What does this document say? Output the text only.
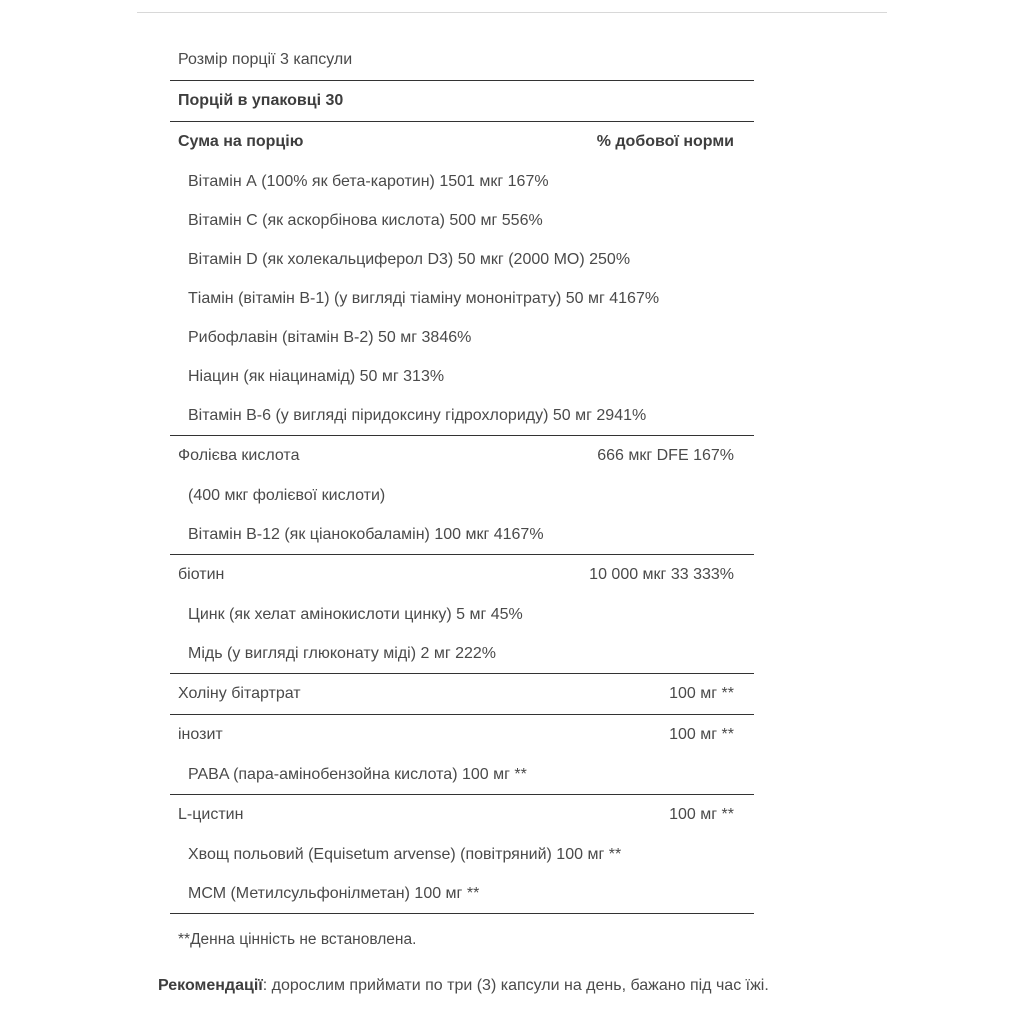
Розмір порції 3 капсули
Порцій в упаковці 30
Сума на порцію	% добової норми
Вітамін А (100% як бета-каротин) 1501 мкг 167%
Вітамін C (як аскорбінова кислота) 500 мг 556%
Вітамін D (як холекальциферол D3) 50 мкг (2000 МО) 250%
Тіамін (вітамін B-1) (у вигляді тіаміну мононітрату) 50 мг 4167%
Рибофлавін (вітамін B-2) 50 мг 3846%
Ніацин (як ніацинамід) 50 мг 313%
Вітамін B-6 (у вигляді піридоксину гідрохлориду) 50 мг 2941%
Фолієва кислота	666 мкг DFE 167%
(400 мкг фолієвої кислоти)
Вітамін B-12 (як ціанокобаламін) 100 мкг 4167%
біотин	10 000 мкг 33 333%
Цинк (як хелат амінокислоти цинку) 5 мг 45%
Мідь (у вигляді глюконату міді) 2 мг 222%
Холіну бітартрат	100 мг **
інозит	100 мг **
PABA (пара-амінобензойна кислота) 100 мг **
L-цистин	100 мг **
Хвощ польовий (Equisetum arvense) (повітряний) 100 мг **
МСМ (Метилсульфонілметан) 100 мг **
**Денна цінність не встановлена.
Рекомендації: дорослим приймати по три (3) капсули на день, бажано під час їжі.
